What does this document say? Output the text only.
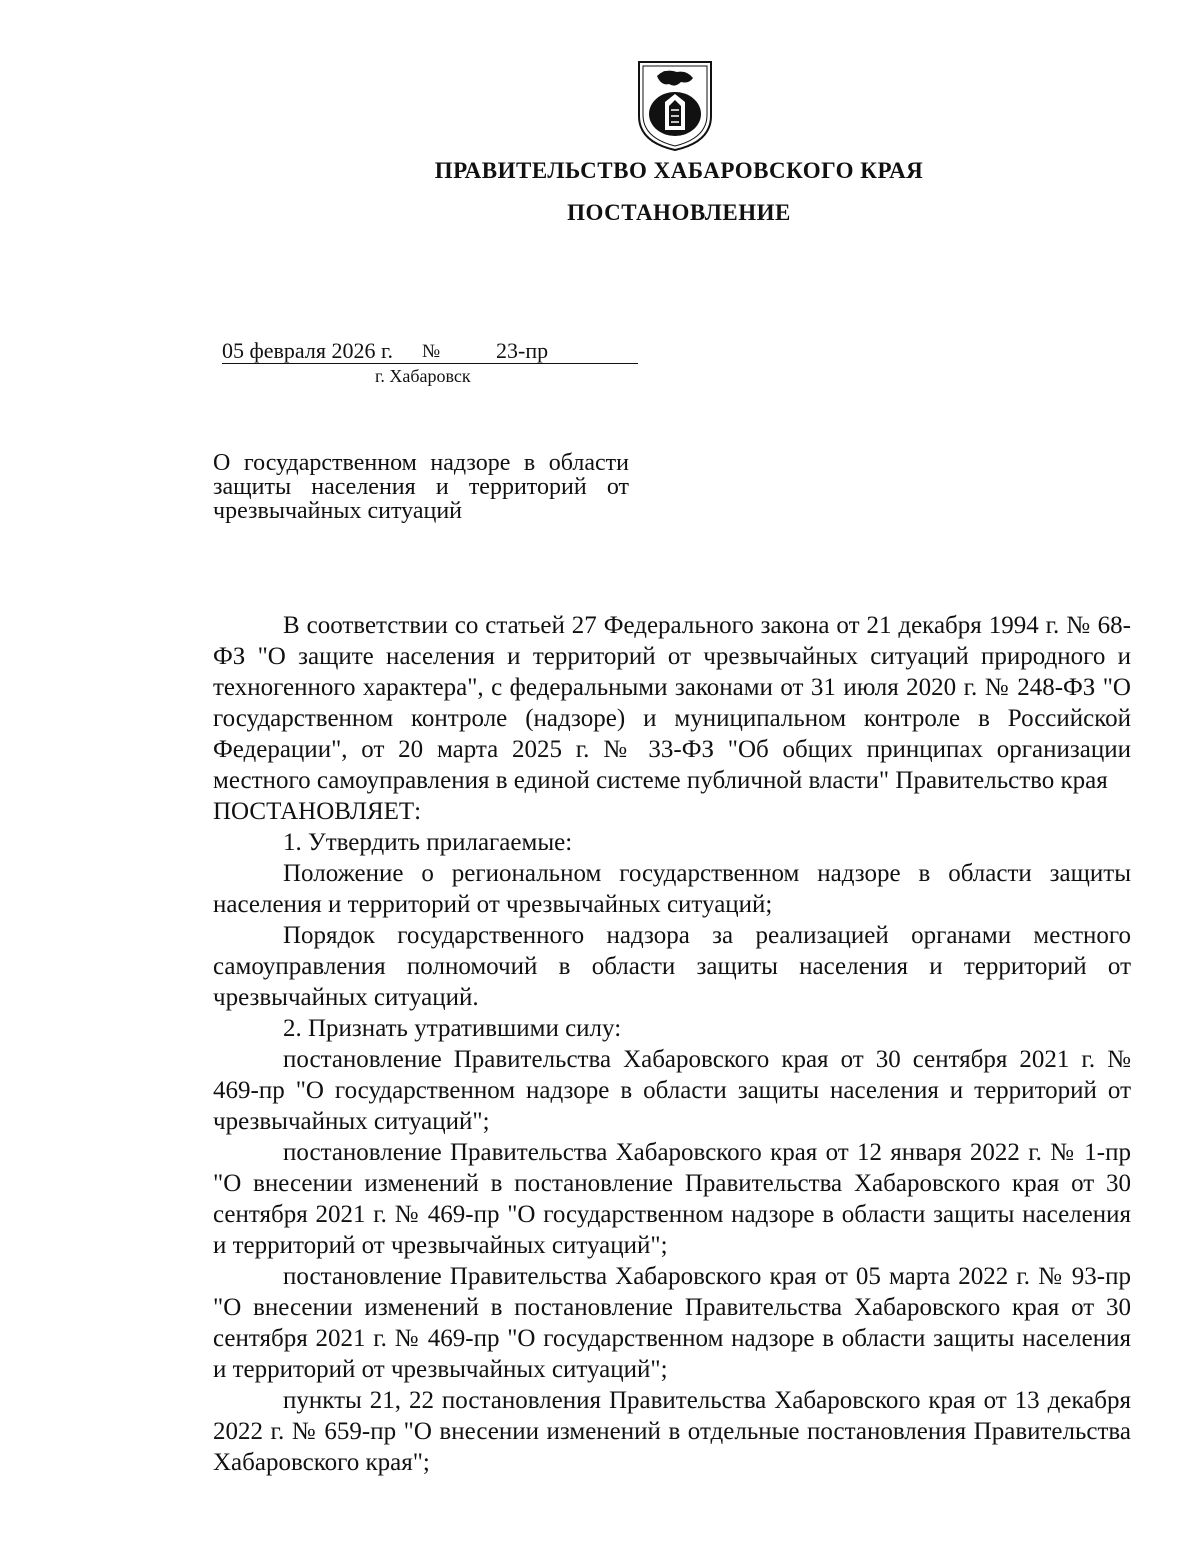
ПРАВИТЕЛЬСТВО ХАБАРОВСКОГО КРАЯ
ПОСТАНОВЛЕНИЕ
05 февраля 2026 г. №	23-пр
г. Хабаровск
О государственном надзоре в области защиты населения и территорий от чрезвычайных ситуаций

В соответствии со статьей 27 Федерального закона от 21 декабря 1994 г. № 68-ФЗ "О защите населения и территорий от чрезвычайных ситуаций природного и техногенного характера", с федеральными законами от 31 июля 2020 г. № 248-ФЗ "О государственном контроле (надзоре) и муниципальном контроле в Российской Федерации", от 20 марта 2025 г. № 33-ФЗ "Об общих принципах организации местного самоуправления в единой системе публичной власти" Правительство края

ПОСТАНОВЛЯЕТ:

1. Утвердить прилагаемые:

Положение о региональном государственном надзоре в области защиты населения и территорий от чрезвычайных ситуаций;

Порядок государственного надзора за реализацией органами местного самоуправления полномочий в области защиты населения и территорий от чрезвычайных ситуаций.

2. Признать утратившими силу:

постановление Правительства Хабаровского края от 30 сентября 2021 г. № 469-пр "О государственном надзоре в области защиты населения и территорий от чрезвычайных ситуаций";

постановление Правительства Хабаровского края от 12 января 2022 г. № 1-пр "О внесении изменений в постановление Правительства Хабаровского края от 30 сентября 2021 г. № 469-пр "О государственном надзоре в области защиты населения и территорий от чрезвычайных ситуаций";

постановление Правительства Хабаровского края от 05 марта 2022 г. № 93-пр "О внесении изменений в постановление Правительства Хабаровского края от 30 сентября 2021 г. № 469-пр "О государственном надзоре в области защиты населения и территорий от чрезвычайных ситуаций";

пункты 21, 22 постановления Правительства Хабаровского края от 13 декабря 2022 г. № 659-пр "О внесении изменений в отдельные постановления Правительства Хабаровского края";
